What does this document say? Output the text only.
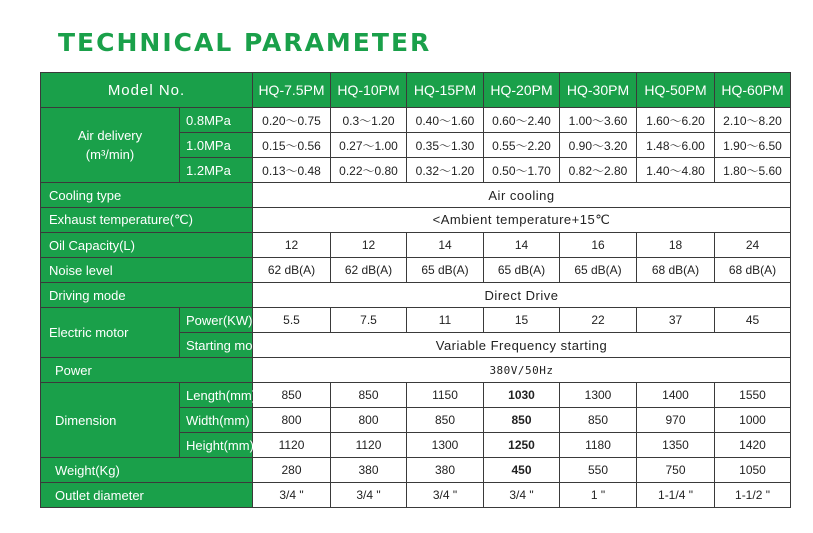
TECHNICAL PARAMETER
Model No.		HQ-7.5PM	HQ-10PM	HQ-15PM	HQ-20PM	HQ-30PM	HQ-50PM	HQ-60PM

Air delivery
(m³/min)	0.8MPa	0.20～0.75	0.3～1.20	0.40～1.60	0.60～2.40	1.00～3.60	1.60～6.20	2.10～8.20
	1.0MPa	0.15～0.56	0.27～1.00	0.35～1.30	0.55～2.20	0.90～3.20	1.48～6.00	1.90～6.50
	1.2MPa	0.13～0.48	0.22～0.80	0.32～1.20	0.50～1.70	0.82～2.80	1.40～4.80	1.80～5.60
Cooling type		Air cooling						
Exhaust temperature(℃)		<Ambient temperature+15℃						
Oil Capacity(L)		12	12	14	14	16	18	24
Noise level		62 dB(A)	62 dB(A)	65 dB(A)	65 dB(A)	65 dB(A)	68 dB(A)	68 dB(A)
Driving mode		Direct Drive						
Electric motor	Power(KW)	5.5	7.5	11	15	22	37	45
	Starting mode	Variable Frequency starting						
Power		380V/50Hz						
Dimension	Length(mm)	850	850	1150	1030	1300	1400	1550
	Width(mm)	800	800	850	850	850	970	1000
	Height(mm)	1120	1120	1300	1250	1180	1350	1420
Weight(Kg)		280	380	380	450	550	750	1050
Outlet diameter		3/4 "	3/4 "	3/4 "	3/4 "	1 "	1-1/4 "	1-1/2 "
